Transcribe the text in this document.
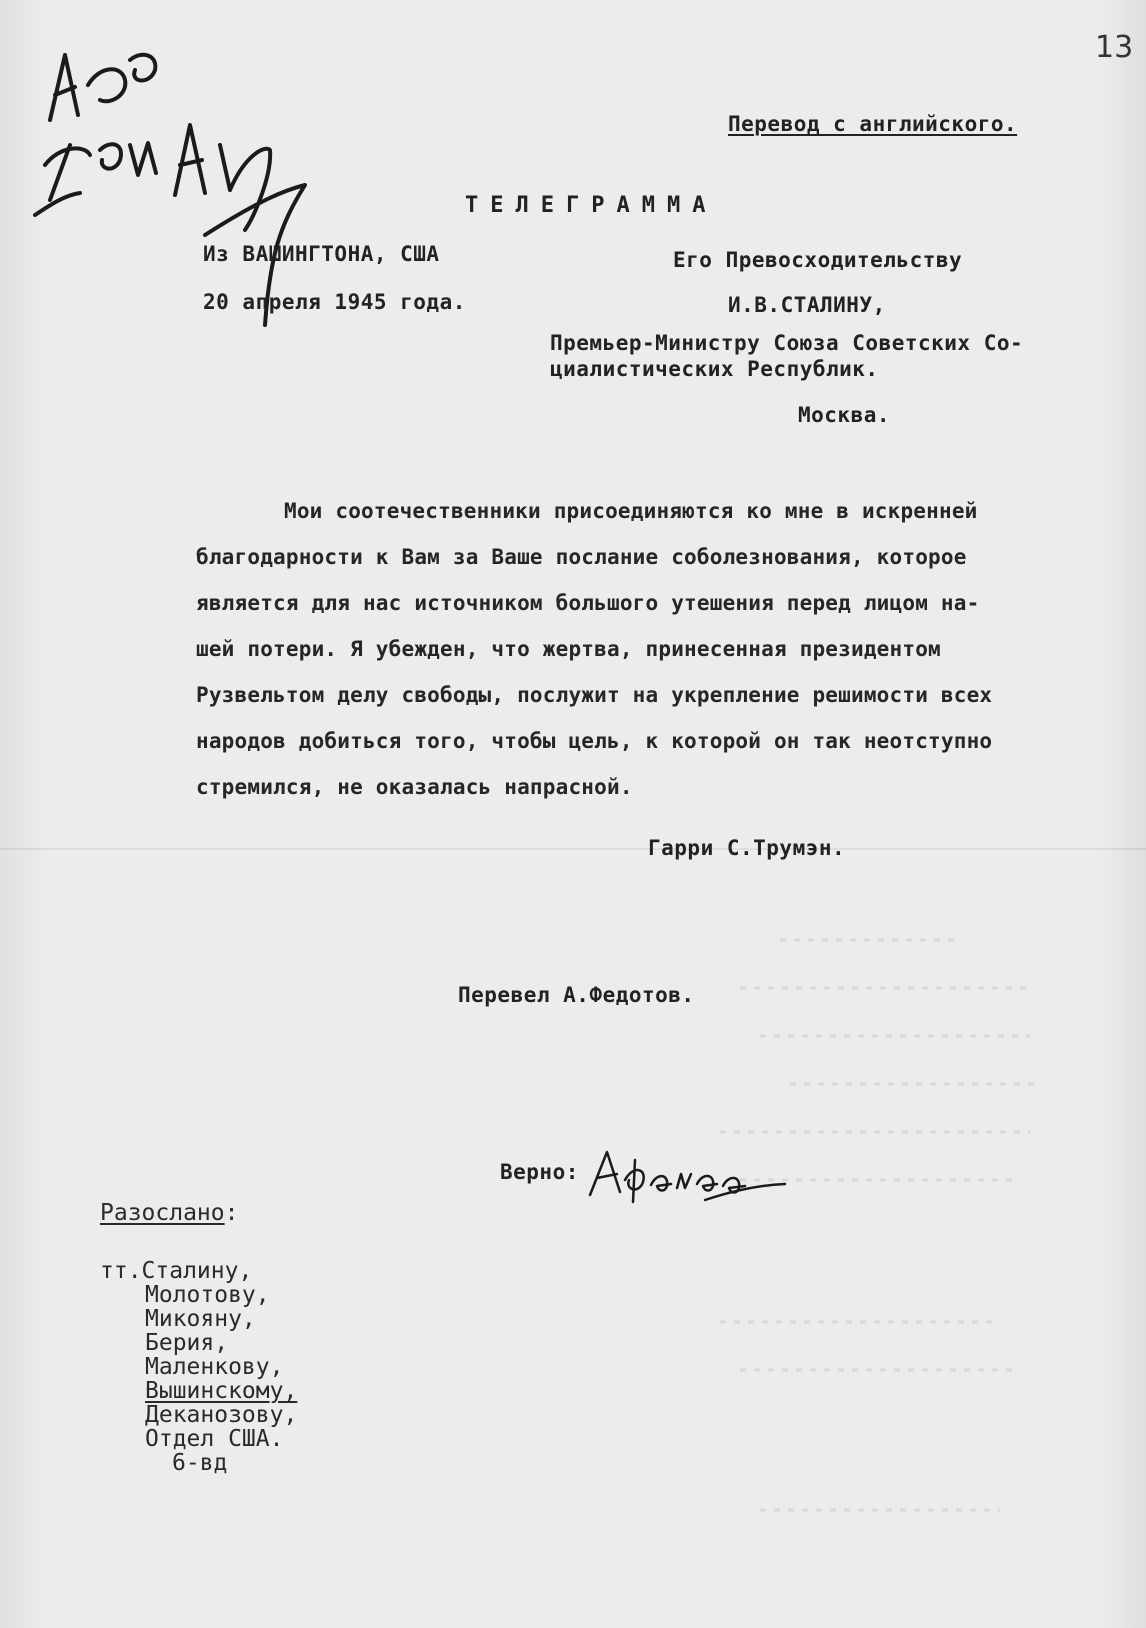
13
Перевод с английского.
ТЕЛЕГРАММА
Из ВАШИНГТОНА, США
20 апреля 1945 года.
Его Превосходительству
И.В.СТАЛИНУ,
Премьер-Министру Союза Советских Со-
циалистических Республик.
Москва.
Мои соотечественники присоединяются ко мне в искренней
благодарности к Вам за Ваше послание соболезнования, которое
является для нас источником большого утешения перед лицом на-
шей потери. Я убежден, что жертва, принесенная президентом
Рузвельтом делу свободы, послужит на укрепление решимости всех
народов добиться того, чтобы цель, к которой он так неотступно
стремился, не оказалась напрасной.
Гарри С.Трумэн.
Перевел А.Федотов.
Верно:
Разослано:
тт.Сталину,
Молотову,
Микояну,
Берия,
Маленкову,
Вышинскому,
Деканозову,
Отдел США.
6-вд
